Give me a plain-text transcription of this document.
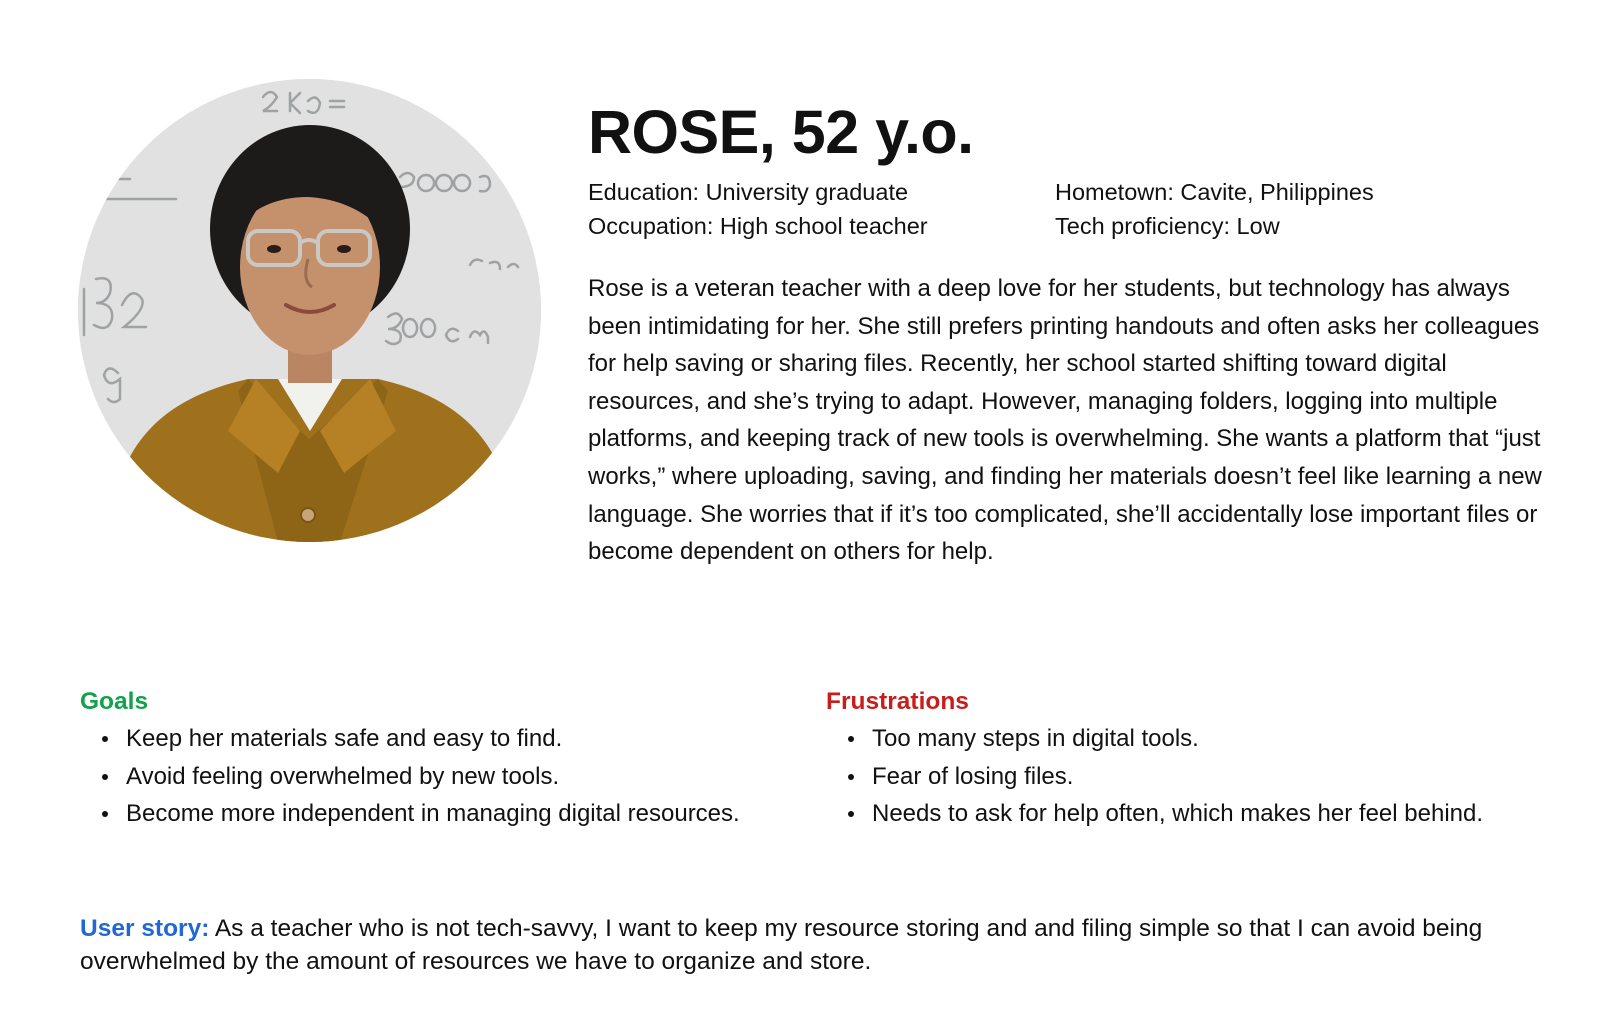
ROSE, 52 y.o.
Education: University graduate
Occupation: High school teacher
Hometown: Cavite, Philippines
Tech proficiency: Low

Rose is a veteran teacher with a deep love for her students, but technology has always been intimidating for her. She still prefers printing handouts and often asks her colleagues for help saving or sharing files. Recently, her school started shifting toward digital resources, and she’s trying to adapt. However, managing folders, logging into multiple platforms, and keeping track of new tools is overwhelming. She wants a platform that “just works,” where uploading, saving, and finding her materials doesn’t feel like learning a new language. She worries that if it’s too complicated, she’ll accidentally lose important files or become dependent on others for help.

Goals
Keep her materials safe and easy to find.
Avoid feeling overwhelmed by new tools.
Become more independent in managing digital resources.
Frustrations
Too many steps in digital tools.
Fear of losing files.
Needs to ask for help often, which makes her feel behind.

User story: As a teacher who is not tech-savvy, I want to keep my resource storing and and filing simple so that I can avoid being overwhelmed by the amount of resources we have to organize and store.
